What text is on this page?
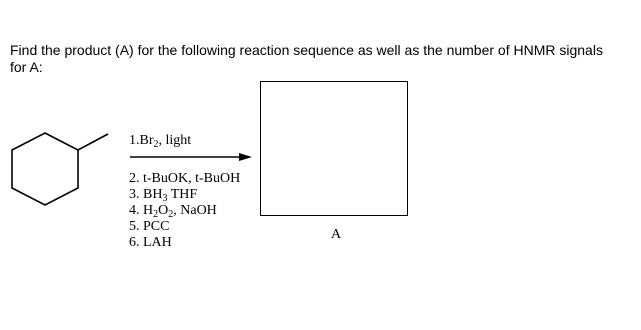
Find the product (A) for the following reaction sequence as well as the number of HNMR signals for A:
$1.Br_2$, light
2. t-BuOK, t-BuOH
3. $BH_3$ THF
4. $H_2O_2$, NaOH
5. PCC
6. LAH
A
